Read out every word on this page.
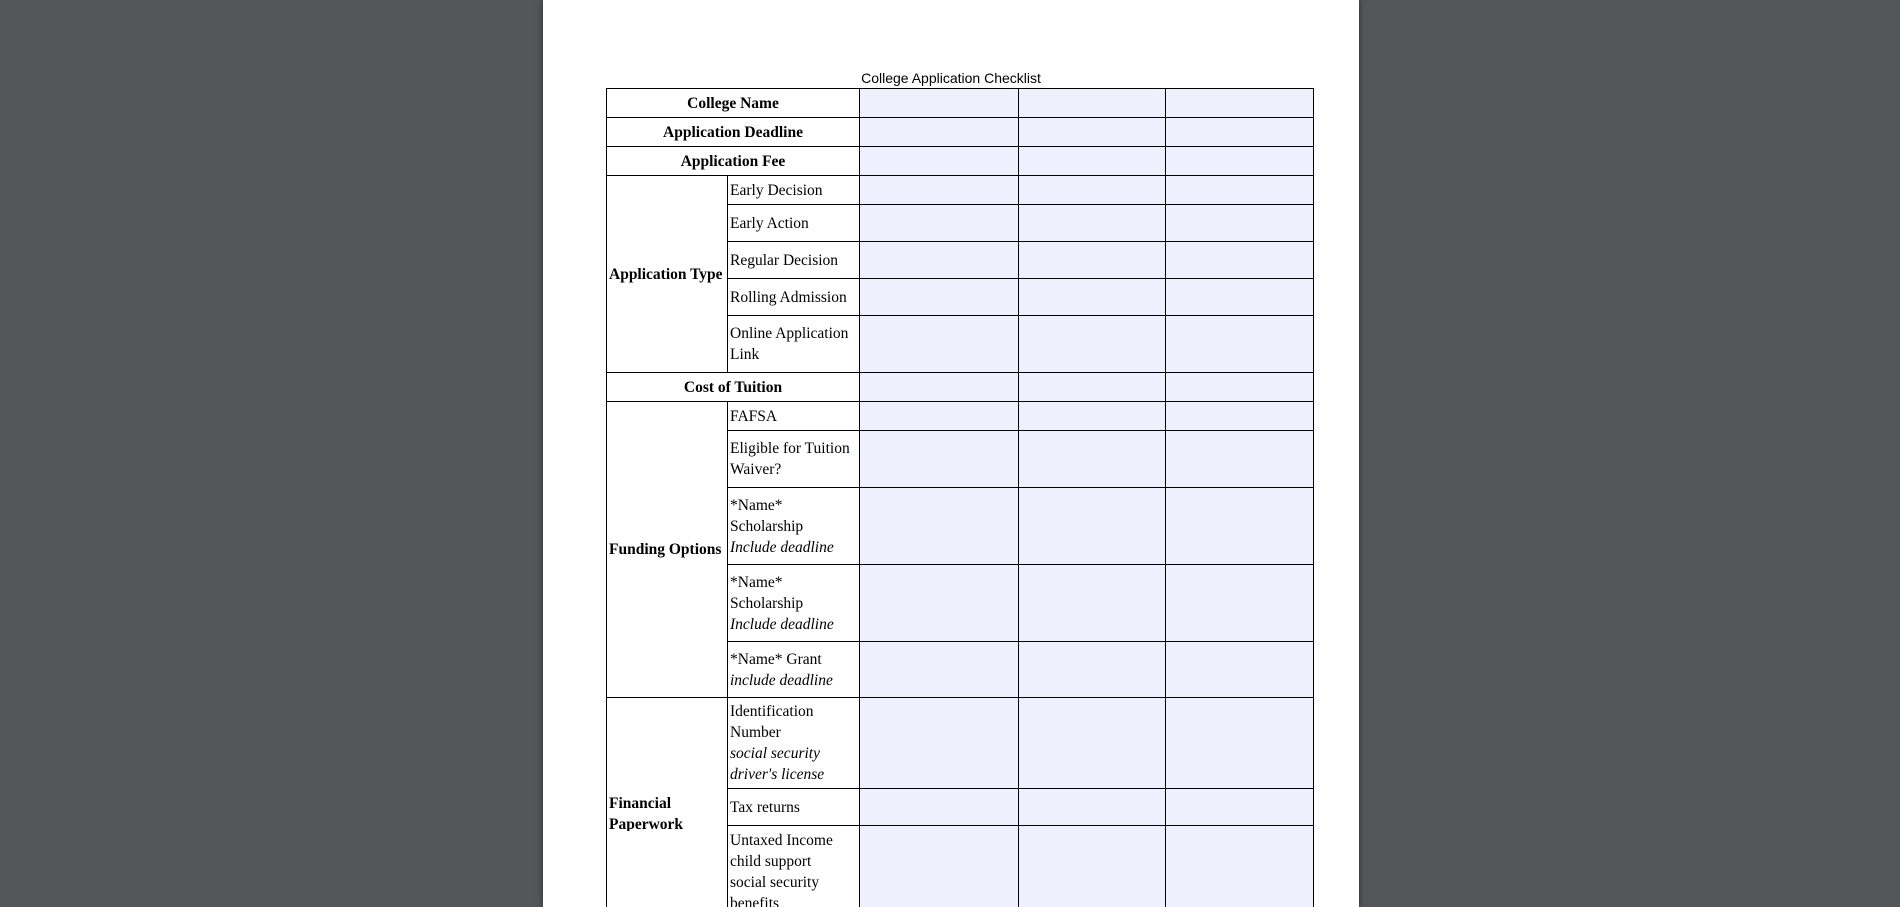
College Application Checklist
College Name				
Application Deadline				
Application Fee				
Application Type	Early Decision			
	Early Action			
	Regular Decision			
	Rolling Admission			
	Online Application Link			
Cost of Tuition				
Funding Options	FAFSA			
	Eligible for Tuition Waiver?			

	*Name* Scholarship
Include deadline			

	*Name* Scholarship
Include deadline			

	*Name* Grant
include deadline			

Financial Paperwork	Identification Number
social security
driver's license			

	Tax returns			

	Untaxed Income
child support
social security
benefits			
